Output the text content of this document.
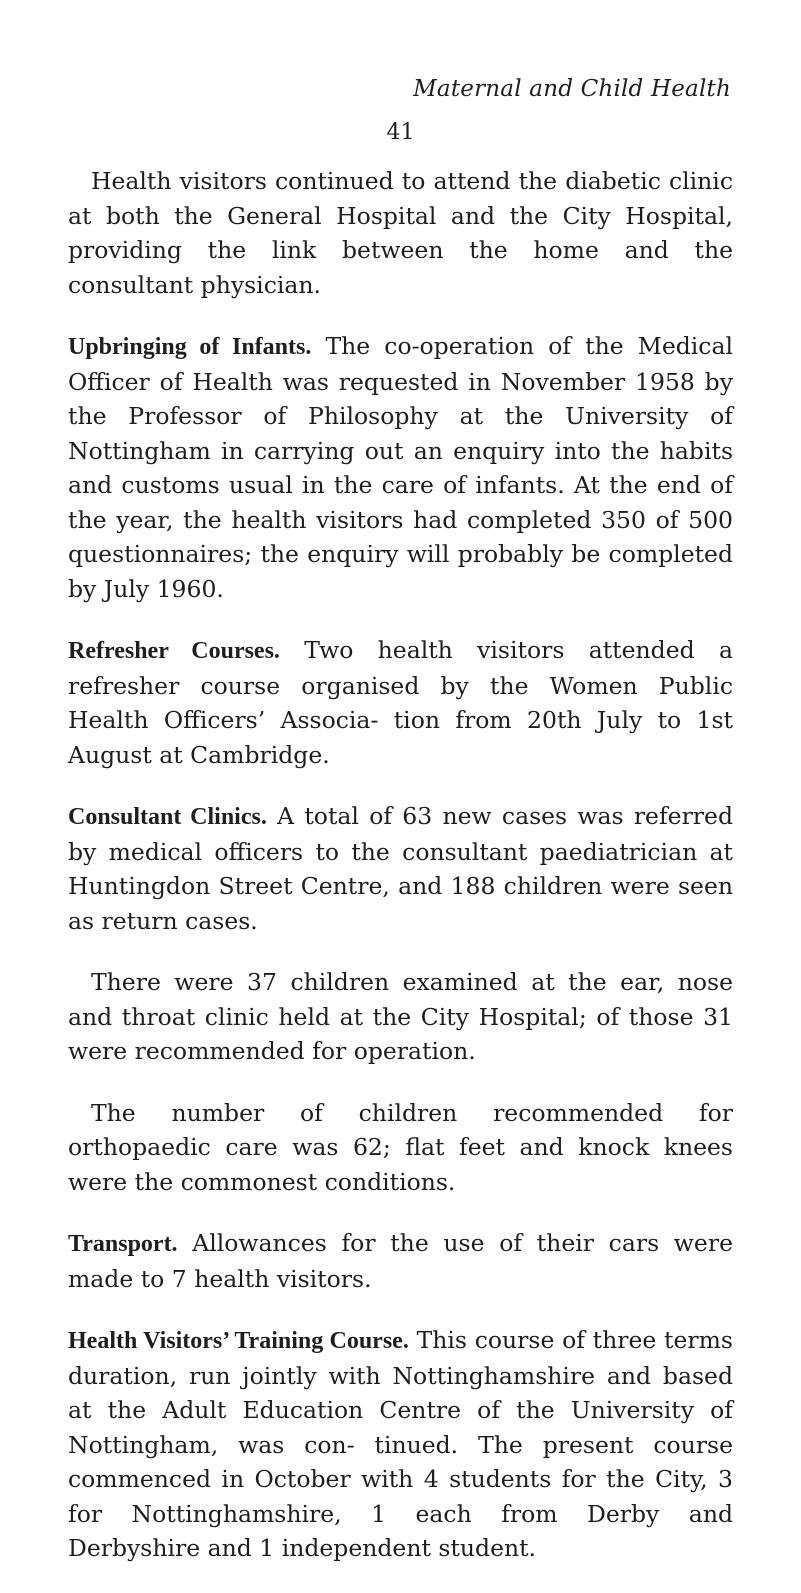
Maternal and Child Health
41

Health visitors continued to attend the diabetic clinic at both the General Hospital and the City Hospital, providing the link between the home and the consultant physician.

Upbringing of Infants. The co-operation of the Medical Officer of Health was requested in November 1958 by the Professor of Philosophy at the University of Nottingham in carrying out an enquiry into the habits and customs usual in the care of infants. At the end of the year, the health visitors had completed 350 of 500 questionnaires; the enquiry will probably be completed by July 1960.

Refresher Courses. Two health visitors attended a refresher course organised by the Women Public Health Officers’ Associa- tion from 20th July to 1st August at Cambridge.

Consultant Clinics. A total of 63 new cases was referred by medical officers to the consultant paediatrician at Huntingdon Street Centre, and 188 children were seen as return cases.

There were 37 children examined at the ear, nose and throat clinic held at the City Hospital; of those 31 were recommended for operation.

The number of children recommended for orthopaedic care was 62; flat feet and knock knees were the commonest conditions.

Transport. Allowances for the use of their cars were made to 7 health visitors.

Health Visitors’ Training Course. This course of three terms duration, run jointly with Nottinghamshire and based at the Adult Education Centre of the University of Nottingham, was con- tinued. The present course commenced in October with 4 students for the City, 3 for Nottinghamshire, 1 each from Derby and Derbyshire and 1 independent student.
